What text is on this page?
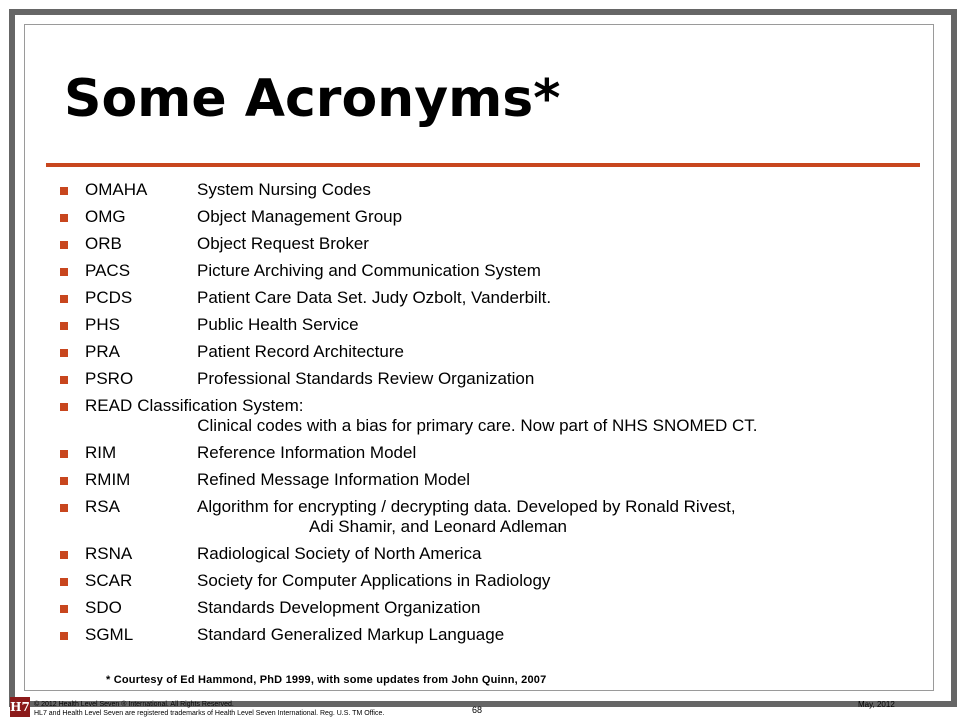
Some Acronyms*
OMAHA	System Nursing Codes
OMG	Object Management Group
ORB	Object Request Broker
PACS	Picture Archiving and Communication System
PCDS	Patient Care Data Set. Judy Ozbolt, Vanderbilt.
PHS	Public Health Service
PRA	Patient Record Architecture
PSRO	Professional Standards Review Organization
READ Classification System:
Clinical codes with a bias for primary care. Now part of NHS SNOMED CT.
RIM	Reference Information Model
RMIM	Refined Message Information Model
RSA	Algorithm for encrypting / decrypting data. Developed by Ronald Rivest,
Adi Shamir, and Leonard Adleman
RSNA	Radiological Society of North America
SCAR	Society for Computer Applications in Radiology
SDO	Standards Development Organization
SGML	Standard Generalized Markup Language
* Courtesy of Ed Hammond, PhD 1999, with some updates from John Quinn, 2007
H7 © 2012 Health Level Seven ® International. All Rights Reserved.
HL7 and Health Level Seven are registered trademarks of Health Level Seven International. Reg. U.S. TM Office.	68
May, 2012
